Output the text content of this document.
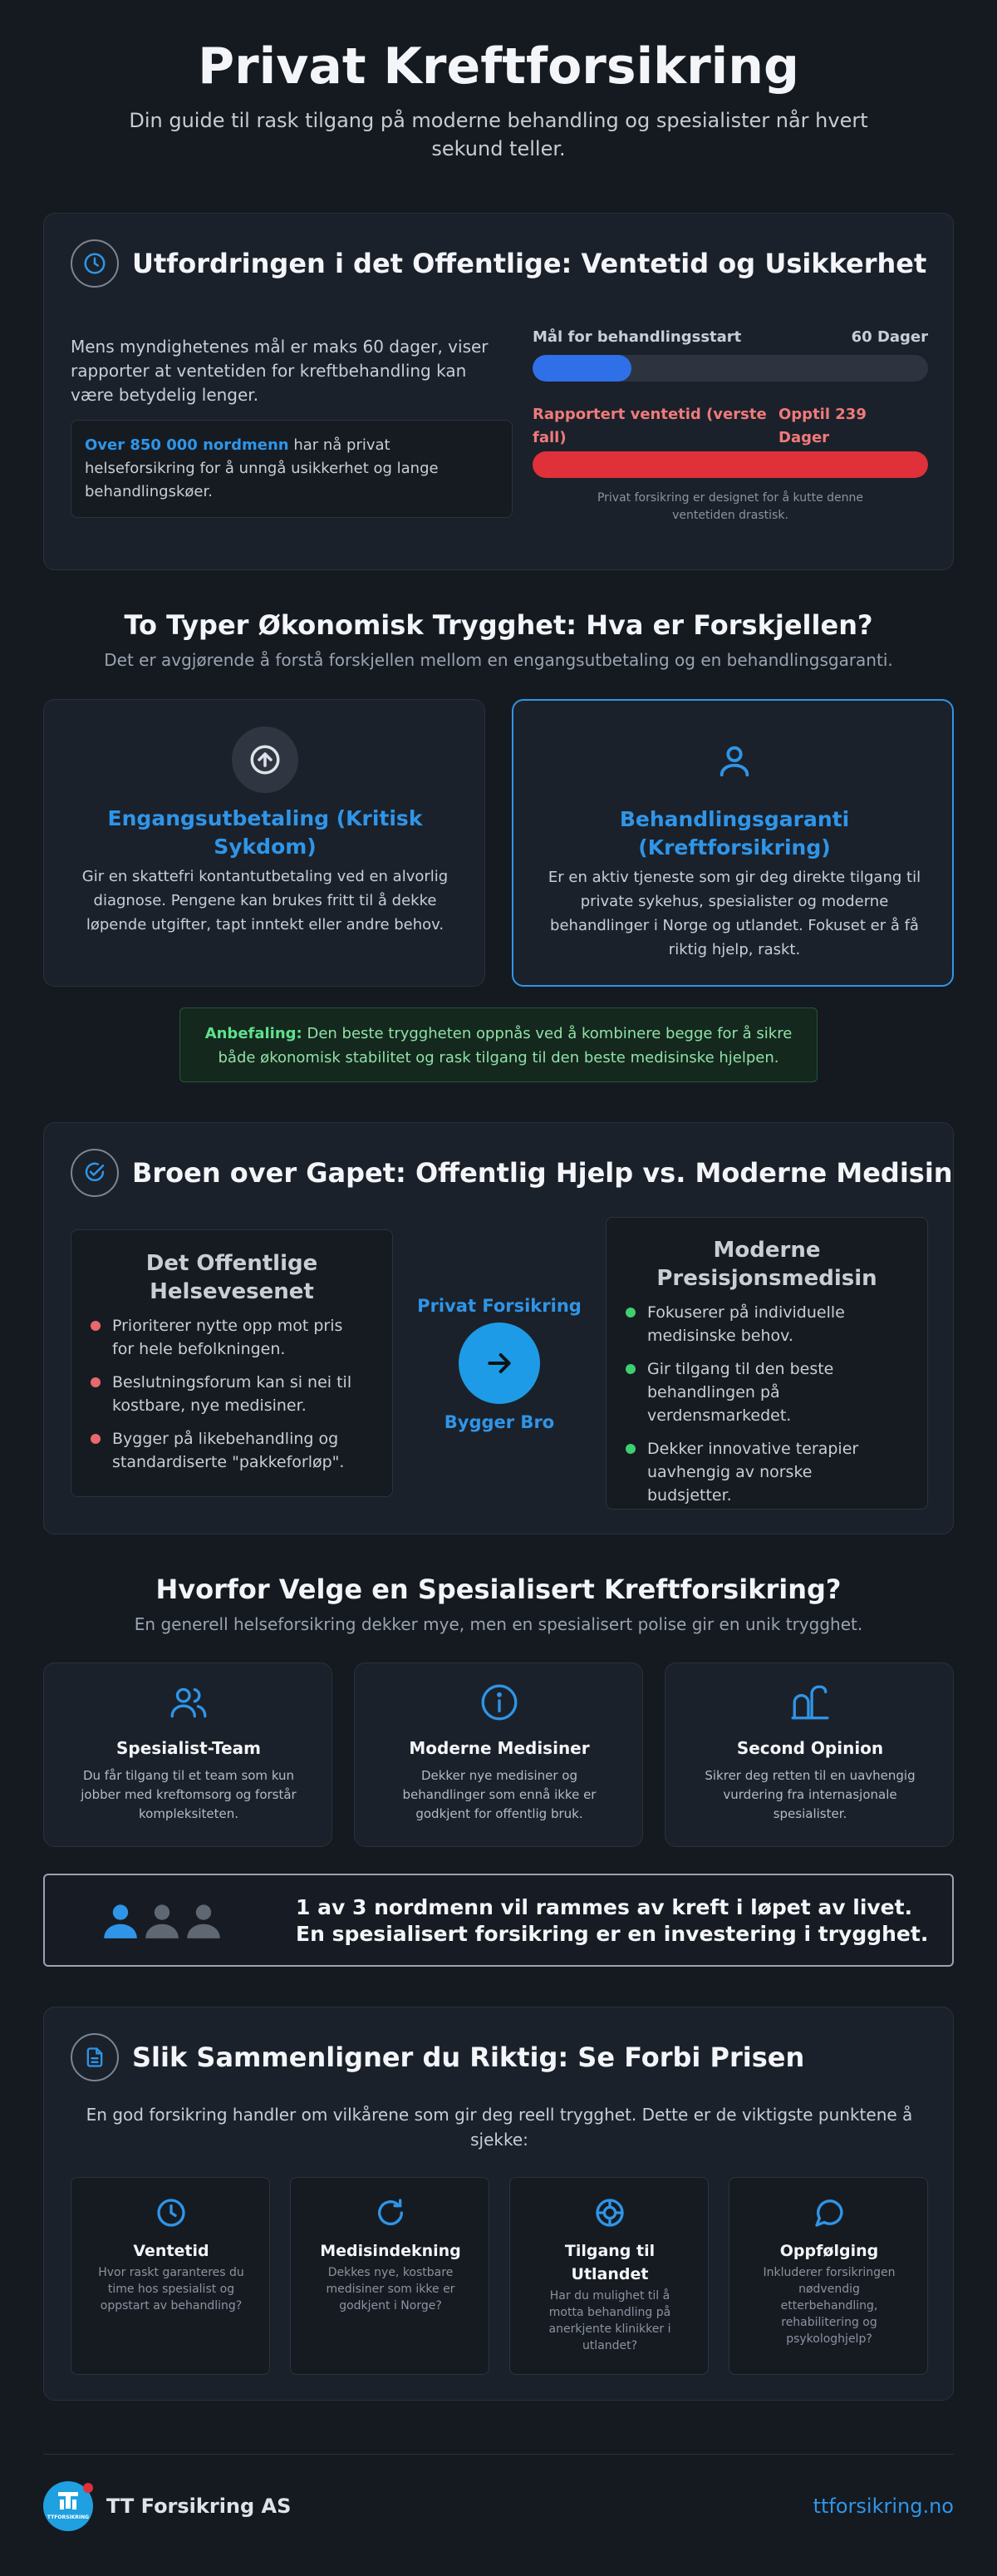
Privat Kreftforsikring

Din guide til rask tilgang på moderne behandling og spesialister når hvert sekund teller.

Utfordringen i det Offentlige: Ventetid og Usikkerhet

Mens myndighetenes mål er maks 60 dager, viser rapporter at ventetiden for kreftbehandling kan være betydelig lenger.

Over 850 000 nordmenn har nå privat helseforsikring for å unngå usikkerhet og lange behandlingskøer.
Mål for behandlingsstart	60 Dager
Rapportert ventetid (verste fall)
Opptil 239 Dager

Privat forsikring er designet for å kutte denne ventetiden drastisk.

To Typer Økonomisk Trygghet: Hva er Forskjellen?

Det er avgjørende å forstå forskjellen mellom en engangsutbetaling og en behandlingsgaranti.

Engangsutbetaling (Kritisk Sykdom)

Gir en skattefri kontantutbetaling ved en alvorlig diagnose. Pengene kan brukes fritt til å dekke løpende utgifter, tapt inntekt eller andre behov.

Behandlingsgaranti (Kreftforsikring)

Er en aktiv tjeneste som gir deg direkte tilgang til private sykehus, spesialister og moderne behandlinger i Norge og utlandet. Fokuset er å få riktig hjelp, raskt.

Anbefaling: Den beste tryggheten oppnås ved å kombinere begge for å sikre både økonomisk stabilitet og rask tilgang til den beste medisinske hjelpen.
Broen over Gapet: Offentlig Hjelp vs. Moderne Medisin
Det Offentlige Helsevesenet
Prioriterer nytte opp mot pris for hele befolkningen.
Beslutningsforum kan si nei til kostbare, nye medisiner.
Bygger på likebehandling og standardiserte "pakkeforløp".
Privat Forsikring
Bygger Bro
Moderne Presisjonsmedisin
Fokuserer på individuelle medisinske behov.
Gir tilgang til den beste behandlingen på verdensmarkedet.
Dekker innovative terapier uavhengig av norske budsjetter.
Hvorfor Velge en Spesialisert Kreftforsikring?

En generell helseforsikring dekker mye, men en spesialisert polise gir en unik trygghet.

Spesialist-Team
Du får tilgang til et team som kun jobber med kreftomsorg og forstår kompleksiteten.
Moderne Medisiner
Dekker nye medisiner og behandlinger som ennå ikke er godkjent for offentlig bruk.
Second Opinion
Sikrer deg retten til en uavhengig vurdering fra internasjonale spesialister.

1 av 3 nordmenn vil rammes av kreft i løpet av livet.

En spesialisert forsikring er en investering i trygghet.

Slik Sammenligner du Riktig: Se Forbi Prisen

En god forsikring handler om vilkårene som gir deg reell trygghet. Dette er de viktigste punktene å sjekke:

Ventetid
Hvor raskt garanteres du time hos spesialist og oppstart av behandling?
Medisindekning
Dekkes nye, kostbare medisiner som ikke er godkjent i Norge?
Tilgang til Utlandet
Har du mulighet til å motta behandling på anerkjente klinikker i utlandet?
Oppfølging
Inkluderer forsikringen nødvendig etterbehandling, rehabilitering og psykologhjelp?
TTFORSIKRING TT Forsikring AS	ttforsikring.no
